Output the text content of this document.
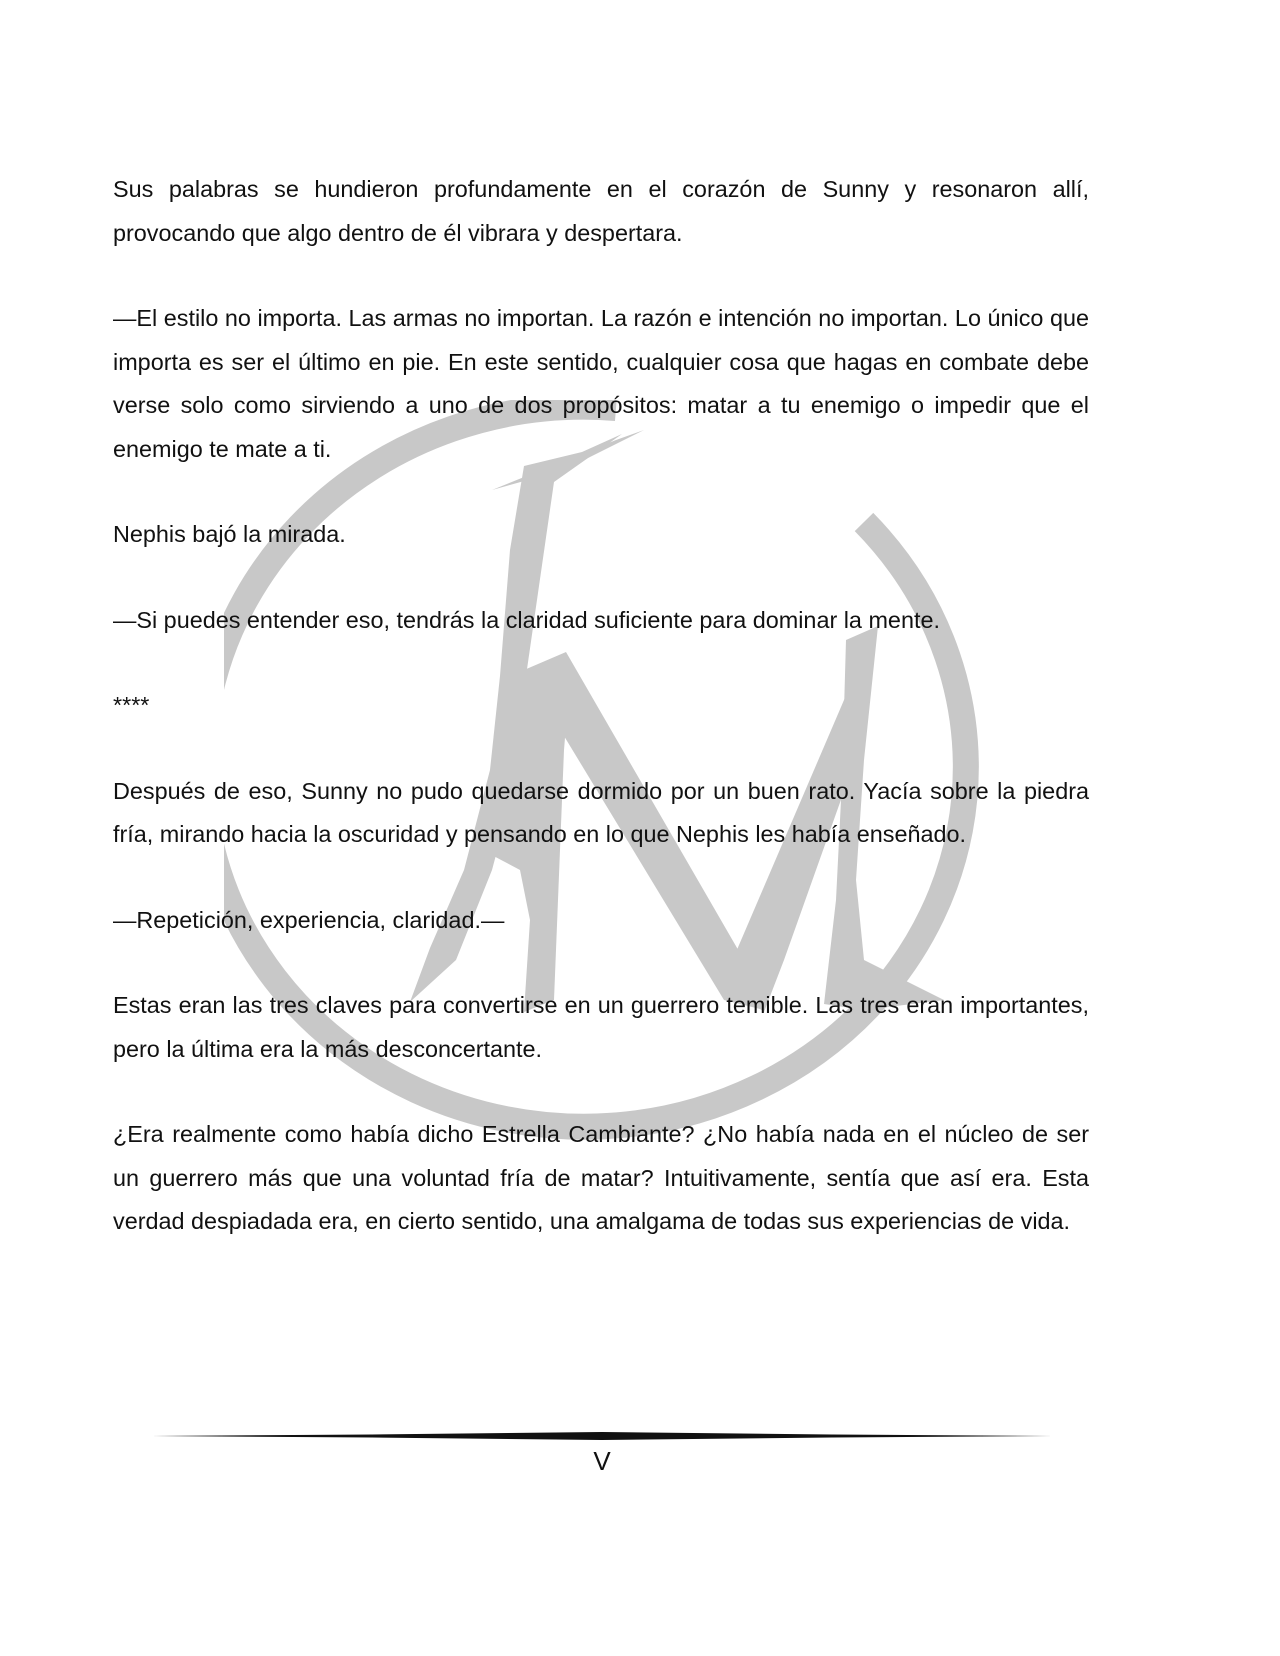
Sus palabras se hundieron profundamente en el corazón de Sunny y resonaron allí, provocando que algo dentro de él vibrara y despertara.

—El estilo no importa. Las armas no importan. La razón e intención no importan. Lo único que importa es ser el último en pie. En este sentido, cualquier cosa que hagas en combate debe verse solo como sirviendo a uno de dos propósitos: matar a tu enemigo o impedir que el enemigo te mate a ti.

Nephis bajó la mirada.

—Si puedes entender eso, tendrás la claridad suficiente para dominar la mente.

****

Después de eso, Sunny no pudo quedarse dormido por un buen rato. Yacía sobre la piedra fría, mirando hacia la oscuridad y pensando en lo que Nephis les había enseñado.

—Repetición, experiencia, claridad.—

Estas eran las tres claves para convertirse en un guerrero temible. Las tres eran importantes, pero la última era la más desconcertante.

¿Era realmente como había dicho Estrella Cambiante? ¿No había nada en el núcleo de ser un guerrero más que una voluntad fría de matar? Intuitivamente, sentía que así era. Esta verdad despiadada era, en cierto sentido, una amalgama de todas sus experiencias de vida.

V
